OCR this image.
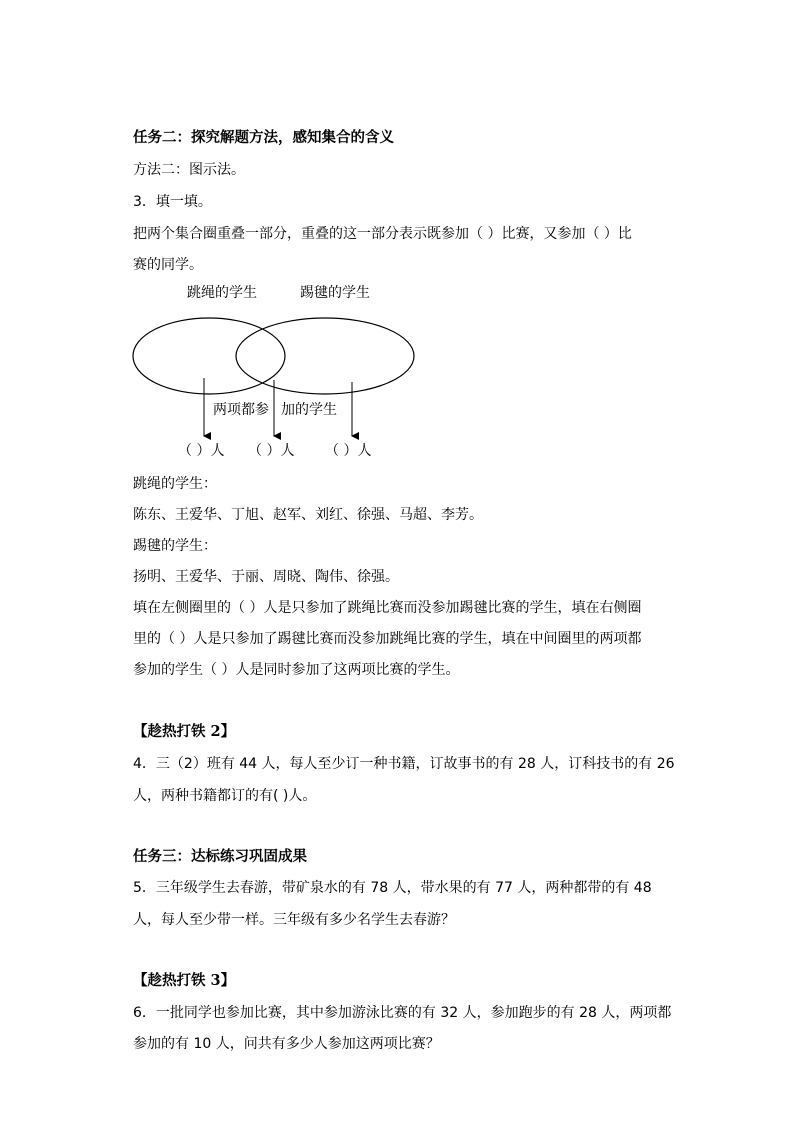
任务二：探究解题方法，感知集合的含义
方法二：图示法。
3．填一填。
把两个集合圈重叠一部分，重叠的这一部分表示既参加（ ）比赛，又参加（ ）比
赛的同学。
跳绳的学生	踢毽的学生
两项都参 加的学生
（ ）人 （ ）人 （ ）人
跳绳的学生：
陈东、王爱华、丁旭、赵军、刘红、徐强、马超、李芳。
踢毽的学生：
扬明、王爱华、于丽、周晓、陶伟、徐强。
填在左侧圈里的（ ）人是只参加了跳绳比赛而没参加踢毽比赛的学生，填在右侧圈
里的（ ）人是只参加了踢毽比赛而没参加跳绳比赛的学生，填在中间圈里的两项都
参加的学生（ ）人是同时参加了这两项比赛的学生。
【趁热打铁 2】
4．三（2）班有 44 人，每人至少订一种书籍，订故事书的有 28 人，订科技书的有 26
人，两种书籍都订的有( )人。
任务三：达标练习巩固成果
5．三年级学生去春游，带矿泉水的有 78 人，带水果的有 77 人，两种都带的有 48
人，每人至少带一样。三年级有多少名学生去春游？
【趁热打铁 3】
6．一批同学也参加比赛，其中参加游泳比赛的有 32 人，参加跑步的有 28 人，两项都
参加的有 10 人，问共有多少人参加这两项比赛？
